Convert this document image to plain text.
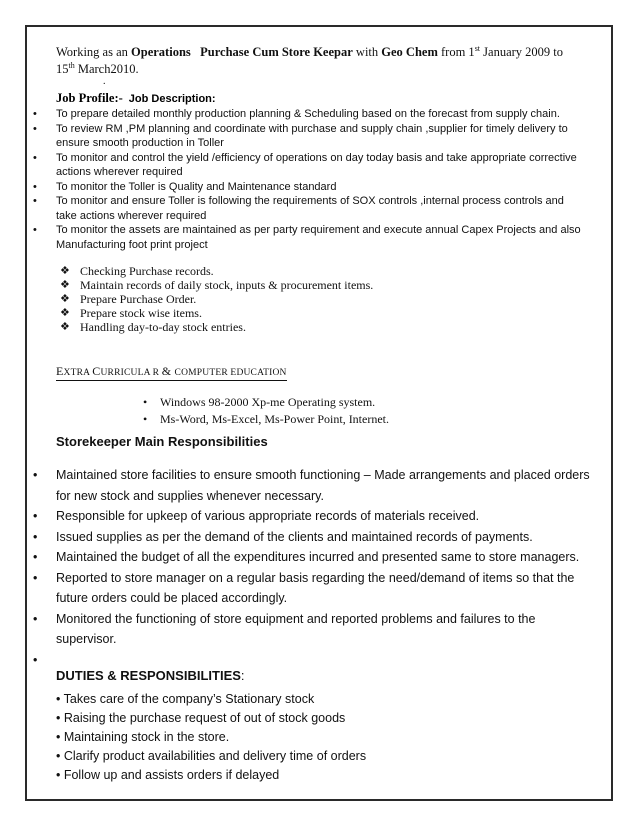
Working as an Operations Purchase Cum Store Keepar with Geo Chem from 1st January 2009 to
15th March2010.
.
Job Profile:- Job Description:
• To prepare detailed monthly production planning & Scheduling based on the forecast from supply chain.
• To review RM ,PM planning and coordinate with purchase and supply chain ,supplier for timely delivery to ensure smooth production in Toller
• To monitor and control the yield /efficiency of operations on day today basis and take appropriate corrective actions wherever required
• To monitor the Toller is Quality and Maintenance standard
• To monitor and ensure Toller is following the requirements of SOX controls ,internal process controls and take actions wherever required
• To monitor the assets are maintained as per party requirement and execute annual Capex Projects and also Manufacturing foot print project
❖ Checking Purchase records.
❖ Maintain records of daily stock, inputs & procurement items.
❖ Prepare Purchase Order.
❖ Prepare stock wise items.
❖ Handling day-to-day stock entries.
EXTRA CURRICULA R & COMPUTER EDUCATION
• Windows 98-2000 Xp-me Operating system.
• Ms-Word, Ms-Excel, Ms-Power Point, Internet.
Storekeeper Main Responsibilities
• Maintained store facilities to ensure smooth functioning – Made arrangements and placed orders for new stock and supplies whenever necessary.
• Responsible for upkeep of various appropriate records of materials received.
• Issued supplies as per the demand of the clients and maintained records of payments.
• Maintained the budget of all the expenditures incurred and presented same to store managers.
• Reported to store manager on a regular basis regarding the need/demand of items so that the future orders could be placed accordingly.
• Monitored the functioning of store equipment and reported problems and failures to the supervisor.
•
DUTIES & RESPONSIBILITIES:
• Takes care of the company’s Stationary stock
• Raising the purchase request of out of stock goods
• Maintaining stock in the store.
• Clarify product availabilities and delivery time of orders
• Follow up and assists orders if delayed
